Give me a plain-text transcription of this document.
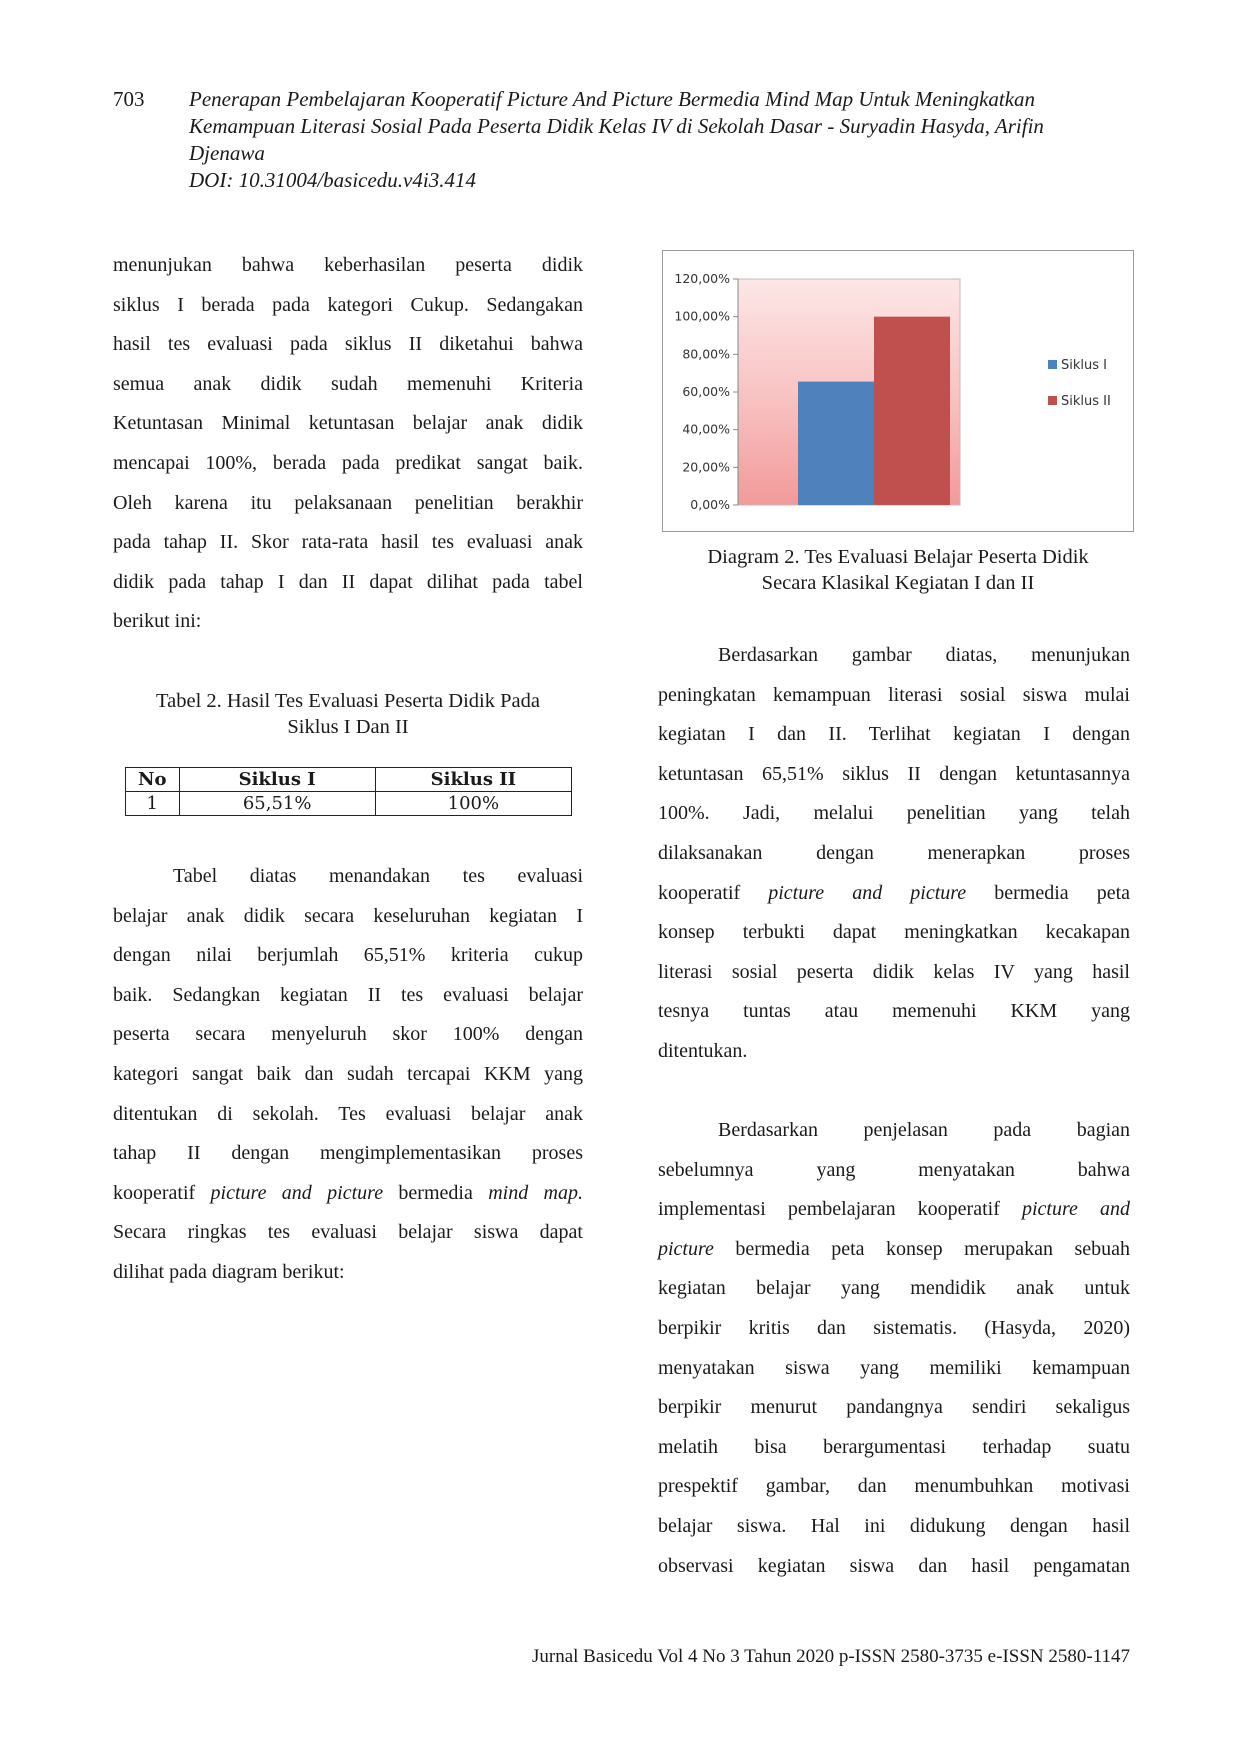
703 Penerapan Pembelajaran Kooperatif Picture And Picture Bermedia Mind Map Untuk Meningkatkan
Kemampuan Literasi Sosial Pada Peserta Didik Kelas IV di Sekolah Dasar - Suryadin Hasyda, Arifin
Djenawa
DOI: 10.31004/basicedu.v4i3.414
menunjukan bahwa keberhasilan peserta didik
siklus I berada pada kategori Cukup. Sedangakan
hasil tes evaluasi pada siklus II diketahui bahwa
semua anak didik sudah memenuhi Kriteria
Ketuntasan Minimal ketuntasan belajar anak didik
mencapai 100%, berada pada predikat sangat baik.
Oleh karena itu pelaksanaan penelitian berakhir
pada tahap II. Skor rata-rata hasil tes evaluasi anak
didik pada tahap I dan II dapat dilihat pada tabel
berikut ini:
Tabel 2. Hasil Tes Evaluasi Peserta Didik Pada
Siklus I Dan II
No	Siklus I	Siklus II
1	65,51%	100%
Tabel diatas menandakan tes evaluasi
belajar anak didik secara keseluruhan kegiatan I
dengan nilai berjumlah 65,51% kriteria cukup
baik. Sedangkan kegiatan II tes evaluasi belajar
peserta secara menyeluruh skor 100% dengan
kategori sangat baik dan sudah tercapai KKM yang
ditentukan di sekolah. Tes evaluasi belajar anak
tahap II dengan mengimplementasikan proses
kooperatif picture and picture bermedia mind map.
Secara ringkas tes evaluasi belajar siswa dapat
dilihat pada diagram berikut:
0,00%
20,00%
40,00%
60,00%
80,00%
100,00%
120,00%
Siklus I
Siklus II
Diagram 2. Tes Evaluasi Belajar Peserta Didik
Secara Klasikal Kegiatan I dan II
Berdasarkan gambar diatas, menunjukan
peningkatan kemampuan literasi sosial siswa mulai
kegiatan I dan II. Terlihat kegiatan I dengan
ketuntasan 65,51% siklus II dengan ketuntasannya
100%. Jadi, melalui penelitian yang telah
dilaksanakan dengan menerapkan proses
kooperatif picture and picture bermedia peta
konsep terbukti dapat meningkatkan kecakapan
literasi sosial peserta didik kelas IV yang hasil
tesnya tuntas atau memenuhi KKM yang
ditentukan.
Berdasarkan penjelasan pada bagian
sebelumnya yang menyatakan bahwa
implementasi pembelajaran kooperatif picture and
picture bermedia peta konsep merupakan sebuah
kegiatan belajar yang mendidik anak untuk
berpikir kritis dan sistematis. (Hasyda, 2020)
menyatakan siswa yang memiliki kemampuan
berpikir menurut pandangnya sendiri sekaligus
melatih bisa berargumentasi terhadap suatu
prespektif gambar, dan menumbuhkan motivasi
belajar siswa. Hal ini didukung dengan hasil
observasi kegiatan siswa dan hasil pengamatan
Jurnal Basicedu Vol 4 No 3 Tahun 2020 p-ISSN 2580-3735 e-ISSN 2580-1147
